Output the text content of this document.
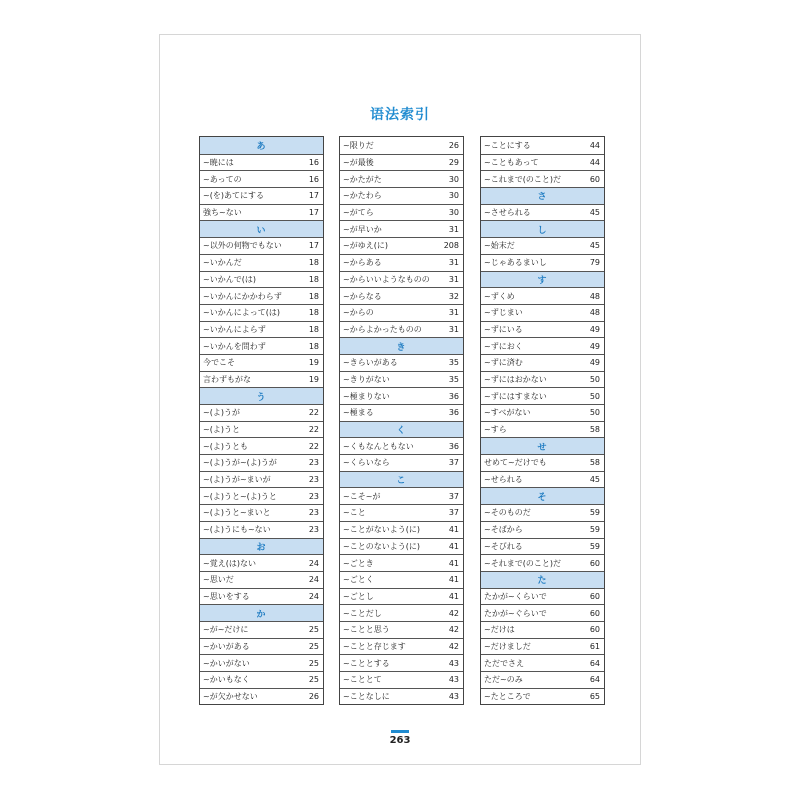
语法索引
あ
~暁には	16
~あっての	16
~(を)あてにする	17
強ち~ない	17
い
~以外の何物でもない	17
~いかんだ	18
~いかんで(は)	18
~いかんにかかわらず	18
~いかんによって(は)	18
~いかんによらず	18
~いかんを問わず	18
今でこそ	19
言わずもがな	19
う
~(よ)うが	22
~(よ)うと	22
~(よ)うとも	22
~(よ)うが~(よ)うが	23
~(よ)うが~まいが	23
~(よ)うと~(よ)うと	23
~(よ)うと~まいと	23
~(よ)うにも~ない	23
お
~覚え(は)ない	24
~思いだ	24
~思いをする	24
か
~が~だけに	25
~かいがある	25
~かいがない	25
~かいもなく	25
~が欠かせない	26
~限りだ	26
~が最後	29
~かたがた	30
~かたわら	30
~がてら	30
~が早いか	31
~がゆえ(に)	208
~からある	31
~からいいようなものの	31
~からなる	32
~からの	31
~からよかったものの	31
き
~きらいがある	35
~きりがない	35
~極まりない	36
~極まる	36
く
~くもなんともない	36
~くらいなら	37
こ
~こそ~が	37
~こと	37
~ことがないよう(に)	41
~ことのないよう(に)	41
~ごとき	41
~ごとく	41
~ごとし	41
~ことだし	42
~ことと思う	42
~ことと存じます	42
~こととする	43
~こととて	43
~ことなしに	43
~ことにする	44
~こともあって	44
~これまで(のこと)だ	60
さ
~させられる	45
し
~始末だ	45
~じゃあるまいし	79
す
~ずくめ	48
~ずじまい	48
~ずにいる	49
~ずにおく	49
~ずに済む	49
~ずにはおかない	50
~ずにはすまない	50
~すべがない	50
~すら	58
せ
せめて~だけでも	58
~せられる	45
そ
~そのものだ	59
~そばから	59
~そびれる	59
~それまで(のこと)だ	60
た
たかが~くらいで	60
たかが~ぐらいで	60
~だけは	60
~だけましだ	61
ただでさえ	64
ただ~のみ	64
~たところで	65
263
